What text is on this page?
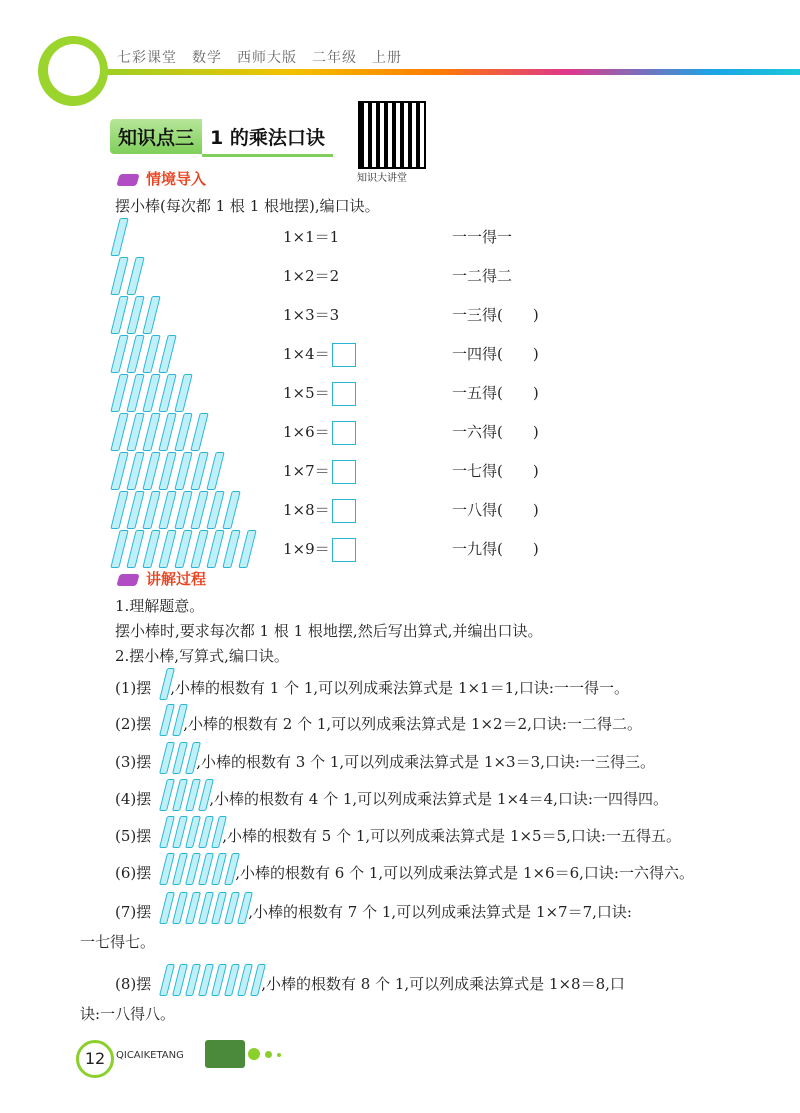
七彩课堂　数学　西师大版　二年级　上册
知识点三 1 的乘法口诀
知识大讲堂
情境导入
摆小棒(每次都 1 根 1 根地摆),编口诀。
1×1＝1	一一得一
1×2＝2	一二得二
1×3＝3	一三得(　　)
1×4＝	一四得(　　)
1×5＝	一五得(　　)
1×6＝	一六得(　　)
1×7＝	一七得(　　)
1×8＝	一八得(　　)
1×9＝	一九得(　　)
讲解过程
1.理解题意。
摆小棒时,要求每次都 1 根 1 根地摆,然后写出算式,并编出口诀。
2.摆小棒,写算式,编口诀。
(1)摆 ,小棒的根数有 1 个 1,可以列成乘法算式是 1×1＝1,口诀:一一得一。
(2)摆 ,小棒的根数有 2 个 1,可以列成乘法算式是 1×2＝2,口诀:一二得二。
(3)摆	,小棒的根数有 3 个 1,可以列成乘法算式是 1×3＝3,口诀:一三得三。
(4)摆	,小棒的根数有 4 个 1,可以列成乘法算式是 1×4＝4,口诀:一四得四。
(5)摆	,小棒的根数有 5 个 1,可以列成乘法算式是 1×5＝5,口诀:一五得五。
(6)摆	,小棒的根数有 6 个 1,可以列成乘法算式是 1×6＝6,口诀:一六得六。
(7)摆	,小棒的根数有 7 个 1,可以列成乘法算式是 1×7＝7,口诀:
一七得七。
(8)摆	,小棒的根数有 8 个 1,可以列成乘法算式是 1×8＝8,口
诀:一八得八。
12	QICAIKETANG
